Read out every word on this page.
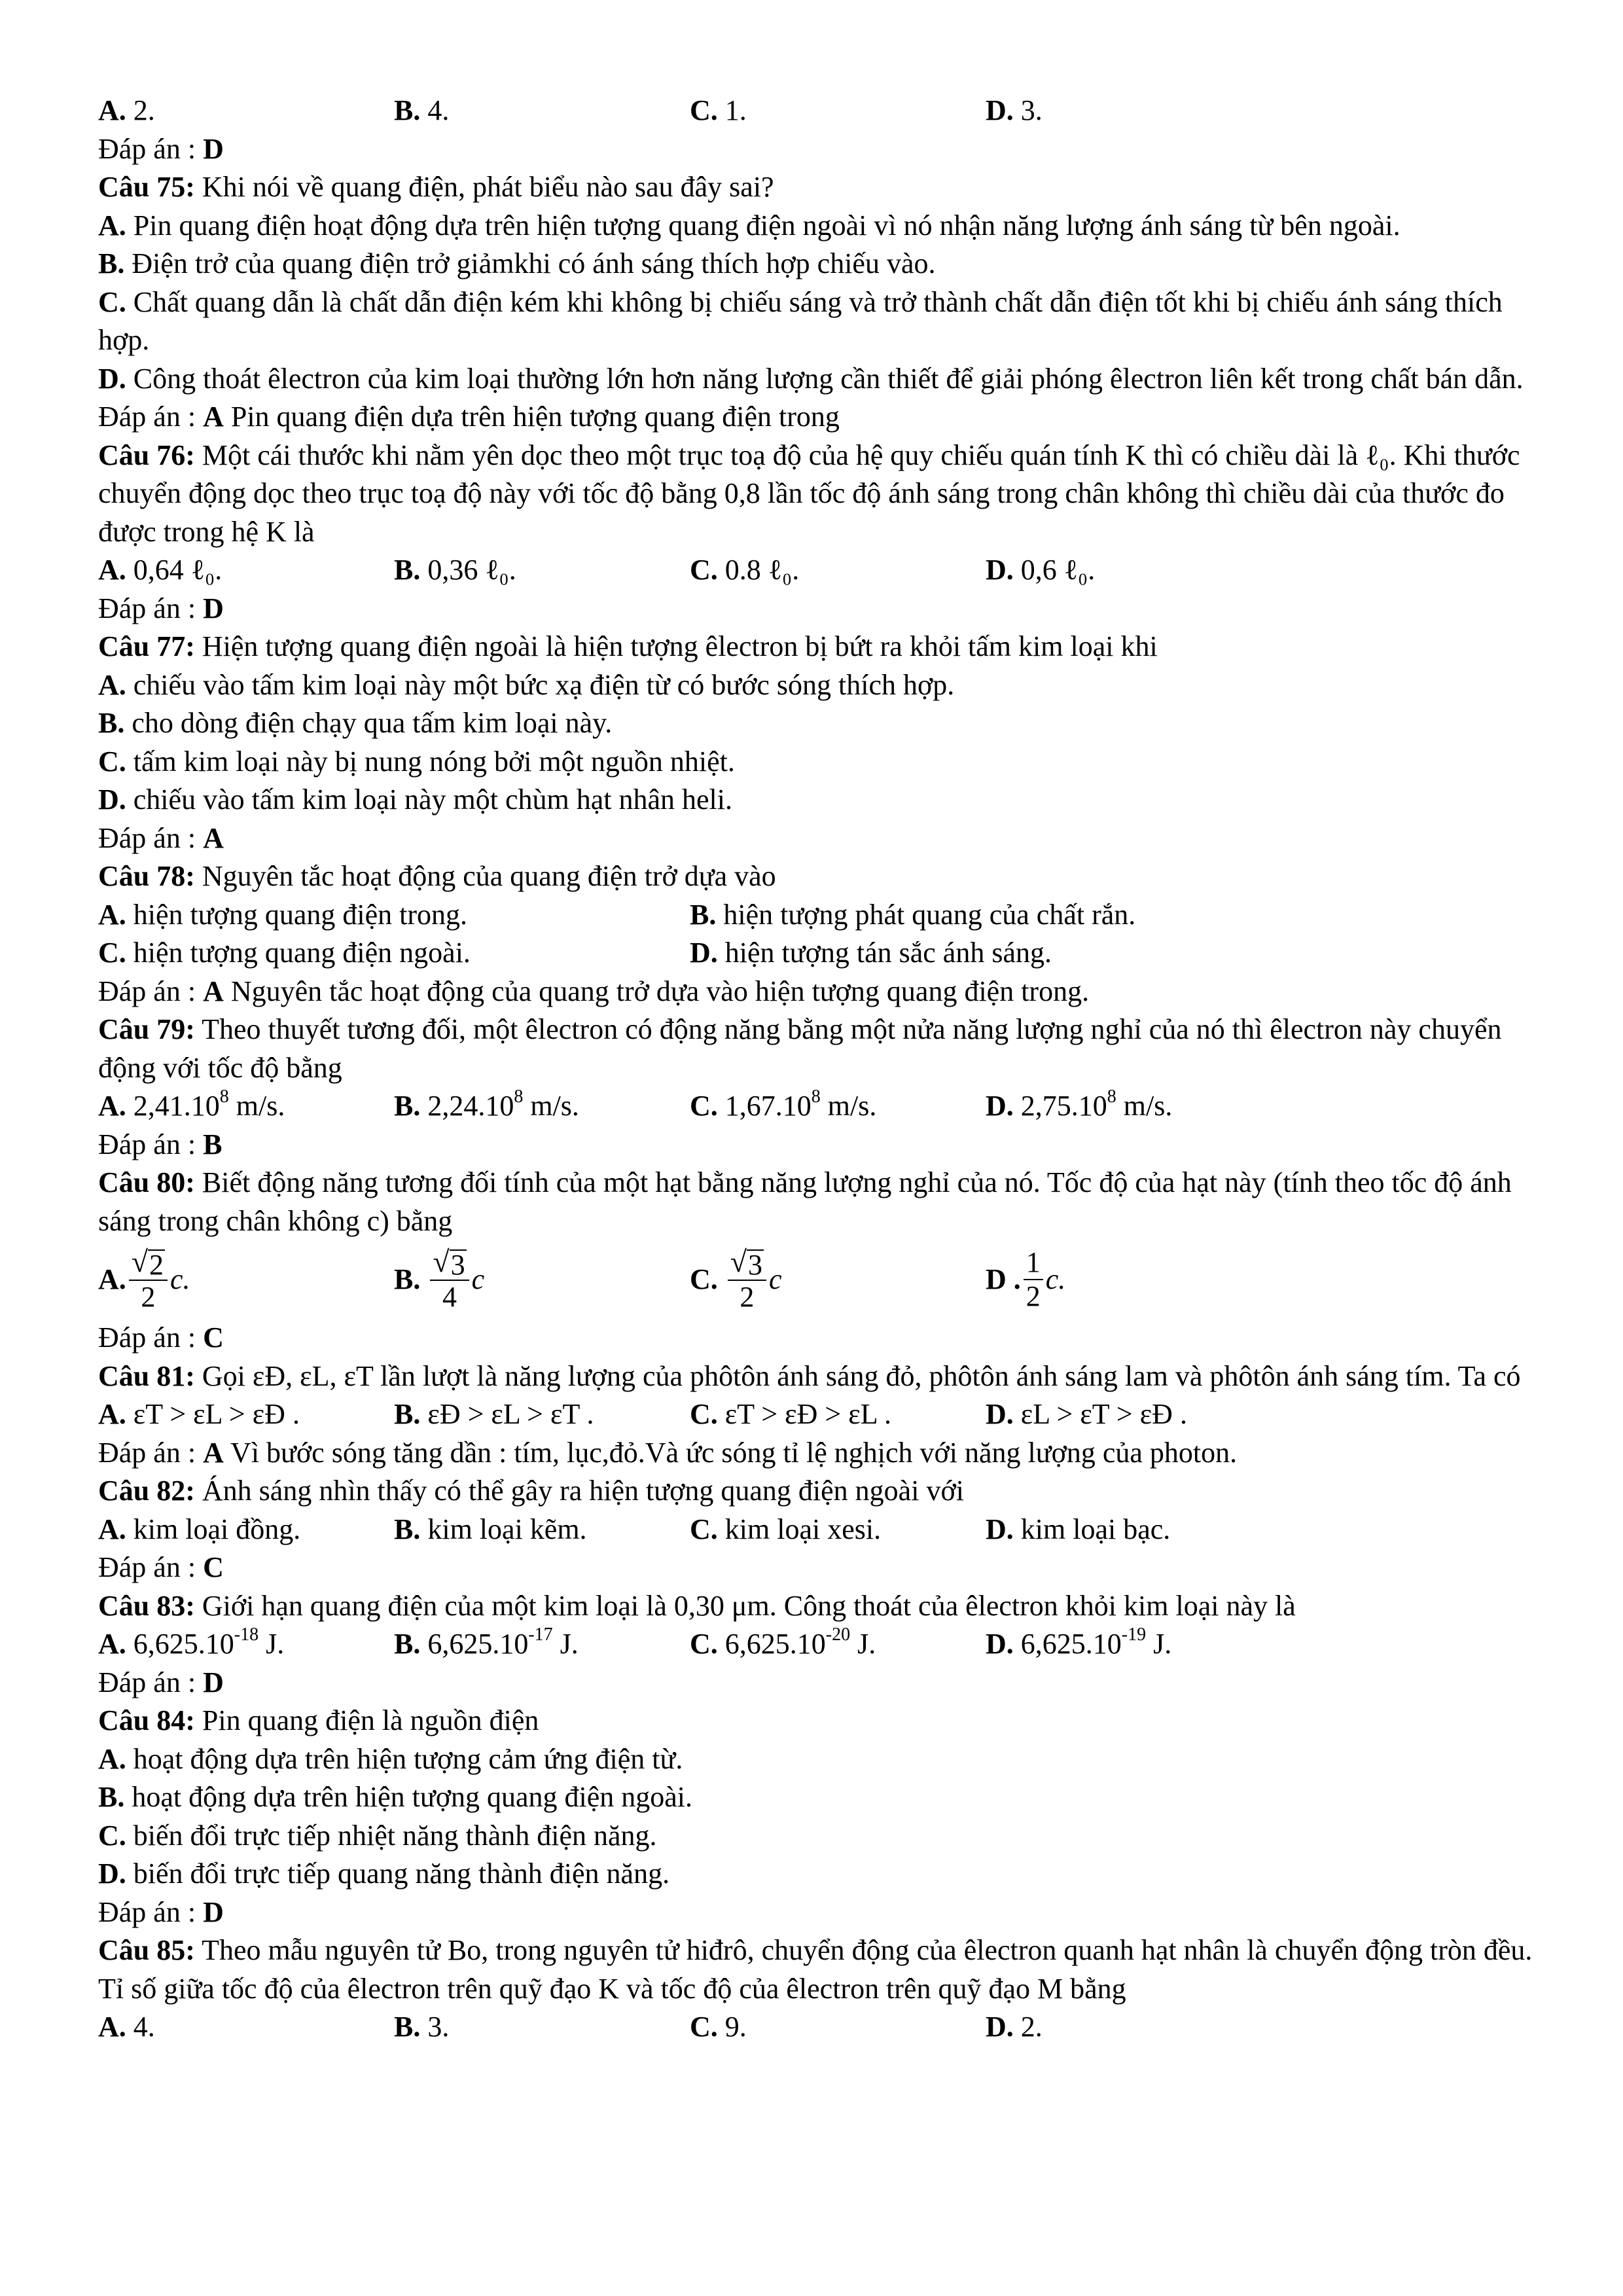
A. 2.	B. 4.	C. 1.	D. 3.
Đáp án : D
Câu 75: Khi nói về quang điện, phát biểu nào sau đây sai?
A. Pin quang điện hoạt động dựa trên hiện tượng quang điện ngoài vì nó nhận năng lượng ánh sáng từ bên ngoài.
B. Điện trở của quang điện trở giảmkhi có ánh sáng thích hợp chiếu vào.
C. Chất quang dẫn là chất dẫn điện kém khi không bị chiếu sáng và trở thành chất dẫn điện tốt khi bị chiếu ánh sáng thích hợp.
D. Công thoát êlectron của kim loại thường lớn hơn năng lượng cần thiết để giải phóng êlectron liên kết trong chất bán dẫn.
Đáp án : A Pin quang điện dựa trên hiện tượng quang điện trong
Câu 76: Một cái thước khi nằm yên dọc theo một trục toạ độ của hệ quy chiếu quán tính K thì có chiều dài là ℓ₀. Khi thước chuyển động dọc theo trục toạ độ này với tốc độ bằng 0,8 lần tốc độ ánh sáng trong chân không thì chiều dài của thước đo được trong hệ K là
A. 0,64 ℓ₀.	B. 0,36 ℓ₀.	C. 0.8 ℓ₀.	D. 0,6 ℓ₀.
Đáp án : D
Câu 77: Hiện tượng quang điện ngoài là hiện tượng êlectron bị bứt ra khỏi tấm kim loại khi
A. chiếu vào tấm kim loại này một bức xạ điện từ có bước sóng thích hợp.
B. cho dòng điện chạy qua tấm kim loại này.
C. tấm kim loại này bị nung nóng bởi một nguồn nhiệt.
D. chiếu vào tấm kim loại này một chùm hạt nhân heli.
Đáp án : A
Câu 78: Nguyên tắc hoạt động của quang điện trở dựa vào
A. hiện tượng quang điện trong.	B. hiện tượng phát quang của chất rắn.
C. hiện tượng quang điện ngoài.	D. hiện tượng tán sắc ánh sáng.
Đáp án : A Nguyên tắc hoạt động của quang trở dựa vào hiện tượng quang điện trong.
Câu 79: Theo thuyết tương đối, một êlectron có động năng bằng một nửa năng lượng nghỉ của nó thì êlectron này chuyển động với tốc độ bằng
A. 2,41.10$^8$ m/s.	B. 2,24.10$^8$ m/s.	C. 1,67.10$^8$ m/s.	D. 2,75.10$^8$ m/s.
Đáp án : B
Câu 80: Biết động năng tương đối tính của một hạt bằng năng lượng nghỉ của nó. Tốc độ của hạt này (tính theo tốc độ ánh sáng trong chân không c) bằng
A. $\frac{√ 2}{2} c$.	B.
$\frac{√ 3}{4}$ c	C.
$\frac{√ 3}{2}$ c	D . $\frac{1}{2} c$.
Đáp án : C
Câu 81: Gọi εĐ, εL, εT lần lượt là năng lượng của phôtôn ánh sáng đỏ, phôtôn ánh sáng lam và phôtôn ánh sáng tím. Ta có
A. εT > εL > εĐ .	B. εĐ > εL > εT .	C. εT > εĐ > εL .	D. εL > εT > εĐ .
Đáp án : A Vì bước sóng tăng dần : tím, lục,đỏ.Và ức sóng tỉ lệ nghịch với năng lượng của photon.
Câu 82: Ánh sáng nhìn thấy có thể gây ra hiện tượng quang điện ngoài với
A. kim loại đồng.	B. kim loại kẽm.	C. kim loại xesi.	D. kim loại bạc.
Đáp án : C
Câu 83: Giới hạn quang điện của một kim loại là 0,30 μm. Công thoát của êlectron khỏi kim loại này là
A. $6,625.10^{-18}$ J.	B. $6,625.10^{-17}$ J.	C. $6,625.10^{-20}$ J.	D. $6,625.10^{-19}$ J.
Đáp án : D
Câu 84: Pin quang điện là nguồn điện
A. hoạt động dựa trên hiện tượng cảm ứng điện từ.
B. hoạt động dựa trên hiện tượng quang điện ngoài.
C. biến đổi trực tiếp nhiệt năng thành điện năng.
D. biến đổi trực tiếp quang năng thành điện năng.
Đáp án : D
Câu 85: Theo mẫu nguyên tử Bo, trong nguyên tử hiđrô, chuyển động của êlectron quanh hạt nhân là chuyển động tròn đều. Tỉ số giữa tốc độ của êlectron trên quỹ đạo K và tốc độ của êlectron trên quỹ đạo M bằng
A. 4.	B. 3.	C. 9.	D. 2.
